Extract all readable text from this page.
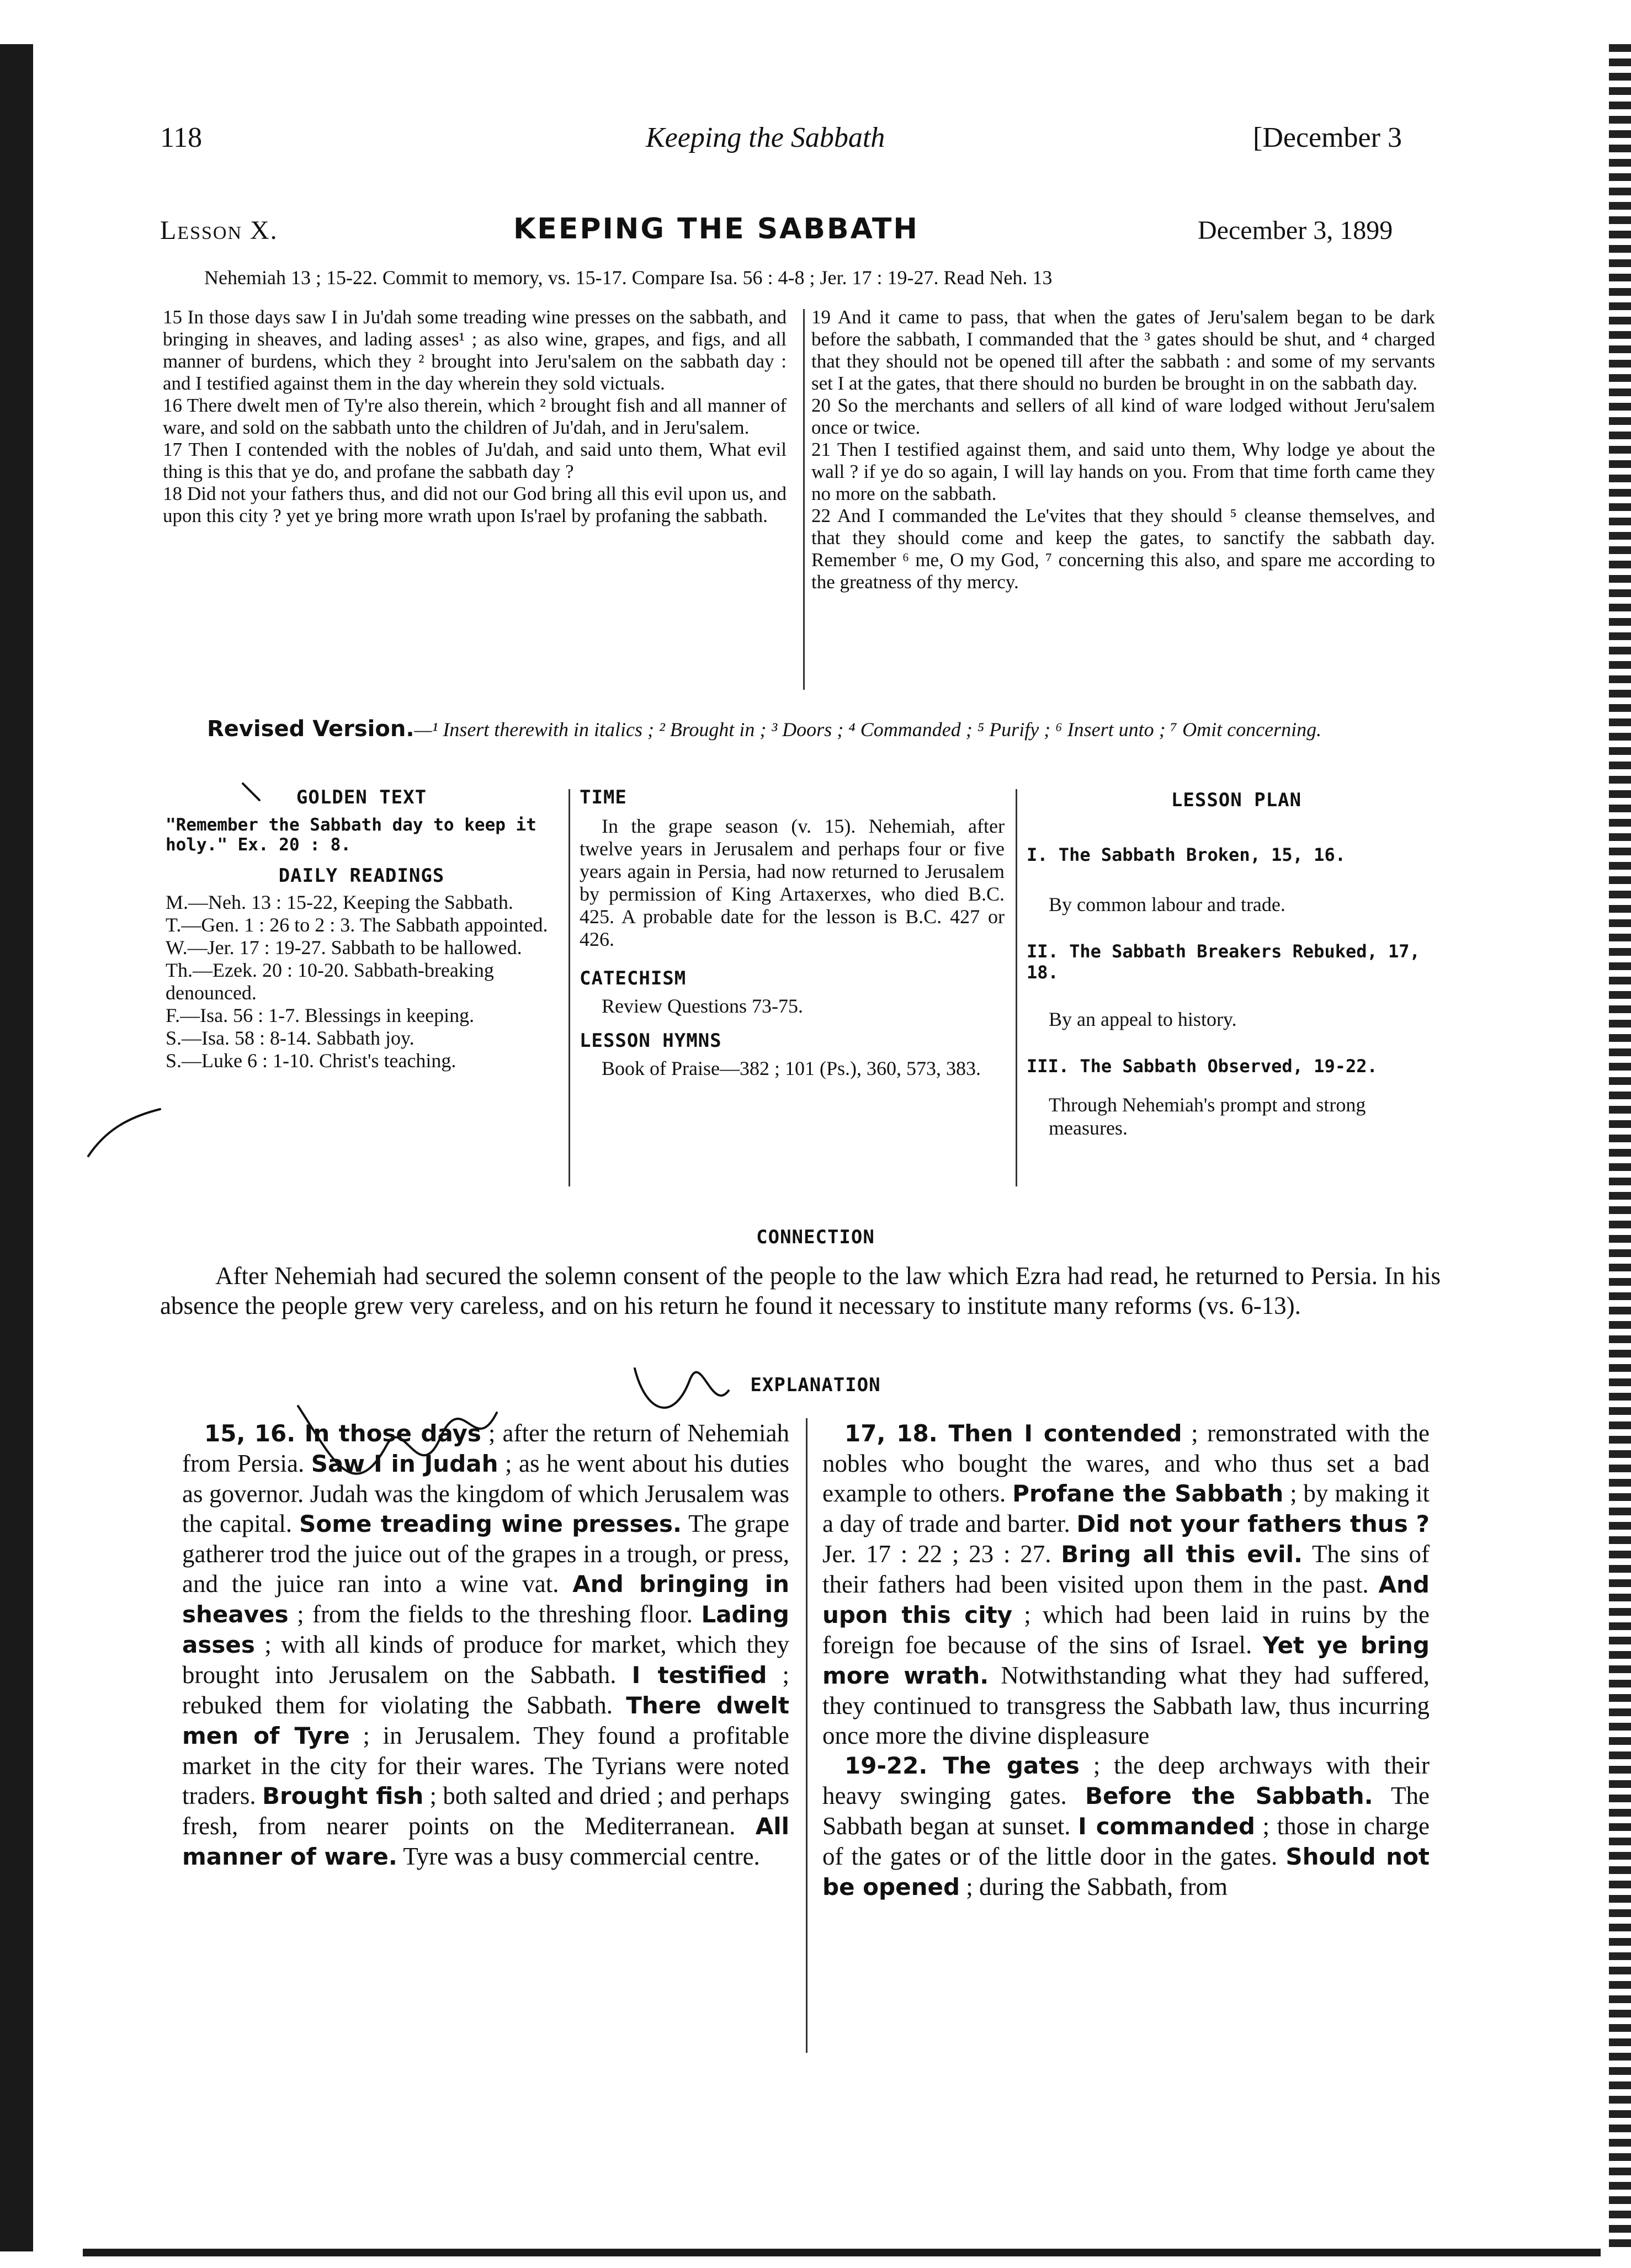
118	Keeping the Sabbath	[December 3
Lesson X.	KEEPING THE SABBATH	December 3, 1899
Nehemiah 13 ; 15-22. Commit to memory, vs. 15-17. Compare Isa. 56 : 4-8 ; Jer. 17 : 19-27. Read Neh. 13

15 In those days saw I in Ju'dah some treading wine presses on the sabbath, and bringing in sheaves, and lading asses¹ ; as also wine, grapes, and figs, and all manner of burdens, which they ² brought into Jeru'salem on the sabbath day : and I testified against them in the day wherein they sold victuals.

16 There dwelt men of Ty're also therein, which ² brought fish and all manner of ware, and sold on the sabbath unto the children of Ju'dah, and in Jeru'salem.

17 Then I contended with the nobles of Ju'dah, and said unto them, What evil thing is this that ye do, and profane the sabbath day ?

18 Did not your fathers thus, and did not our God bring all this evil upon us, and upon this city ? yet ye bring more wrath upon Is'rael by profaning the sabbath.

19 And it came to pass, that when the gates of Jeru'salem began to be dark before the sabbath, I commanded that the ³ gates should be shut, and ⁴ charged that they should not be opened till after the sabbath : and some of my servants set I at the gates, that there should no burden be brought in on the sabbath day.

20 So the merchants and sellers of all kind of ware lodged without Jeru'salem once or twice.

21 Then I testified against them, and said unto them, Why lodge ye about the wall ? if ye do so again, I will lay hands on you. From that time forth came they no more on the sabbath.

22 And I commanded the Le'vites that they should ⁵ cleanse themselves, and that they should come and keep the gates, to sanctify the sabbath day. Remember ⁶ me, O my God, ⁷ concerning this also, and spare me according to the greatness of thy mercy.

Revised Version.—¹ Insert therewith in italics ; ² Brought in ; ³ Doors ; ⁴ Commanded ; ⁵ Purify ; ⁶ Insert unto ; ⁷ Omit concerning.
GOLDEN TEXT
"Remember the Sabbath day to keep it holy." Ex. 20 : 8.
DAILY READINGS

M.—Neh. 13 : 15-22, Keeping the Sabbath.

T.—Gen. 1 : 26 to 2 : 3. The Sabbath appointed.

W.—Jer. 17 : 19-27. Sabbath to be hallowed.

Th.—Ezek. 20 : 10-20. Sabbath-breaking denounced.

F.—Isa. 56 : 1-7. Blessings in keeping.

S.—Isa. 58 : 8-14. Sabbath joy.

S.—Luke 6 : 1-10. Christ's teaching.

TIME
In the grape season (v. 15). Nehemiah, after twelve years in Jerusalem and perhaps four or five years again in Persia, had now returned to Jerusalem by permission of King Artaxerxes, who died B.C. 425. A probable date for the lesson is B.C. 427 or 426.
CATECHISM
Review Questions 73-75.
LESSON HYMNS
Book of Praise—382 ; 101 (Ps.), 360, 573, 383.
LESSON PLAN
I. The Sabbath Broken, 15, 16.
By common labour and trade.
II. The Sabbath Breakers Rebuked, 17, 18.
By an appeal to history.
III. The Sabbath Observed, 19-22.
Through Nehemiah's prompt and strong measures.
CONNECTION
After Nehemiah had secured the solemn consent of the people to the law which Ezra had read, he returned to Persia. In his absence the people grew very careless, and on his return he found it necessary to institute many reforms (vs. 6-13).
EXPLANATION

15, 16. In those days ; after the return of Nehemiah from Persia. Saw I in Judah ; as he went about his duties as governor. Judah was the kingdom of which Jerusalem was the capital. Some treading wine presses. The grape gatherer trod the juice out of the grapes in a trough, or press, and the juice ran into a wine vat. And bringing in sheaves ; from the fields to the threshing floor. Lading asses ; with all kinds of produce for market, which they brought into Jerusalem on the Sabbath. I testified ; rebuked them for violating the Sabbath. There dwelt men of Tyre ; in Jerusalem. They found a profitable market in the city for their wares. The Tyrians were noted traders. Brought fish ; both salted and dried ; and perhaps fresh, from nearer points on the Mediterranean. All manner of ware. Tyre was a busy commercial centre.

17, 18. Then I contended ; remonstrated with the nobles who bought the wares, and who thus set a bad example to others. Profane the Sabbath ; by making it a day of trade and barter. Did not your fathers thus ? Jer. 17 : 22 ; 23 : 27. Bring all this evil. The sins of their fathers had been visited upon them in the past. And upon this city ; which had been laid in ruins by the foreign foe because of the sins of Israel. Yet ye bring more wrath. Notwithstanding what they had suffered, they continued to transgress the Sabbath law, thus incurring once more the divine displeasure

19-22. The gates ; the deep archways with their heavy swinging gates. Before the Sabbath. The Sabbath began at sunset. I commanded ; those in charge of the gates or of the little door in the gates. Should not be opened ; during the Sabbath, from
